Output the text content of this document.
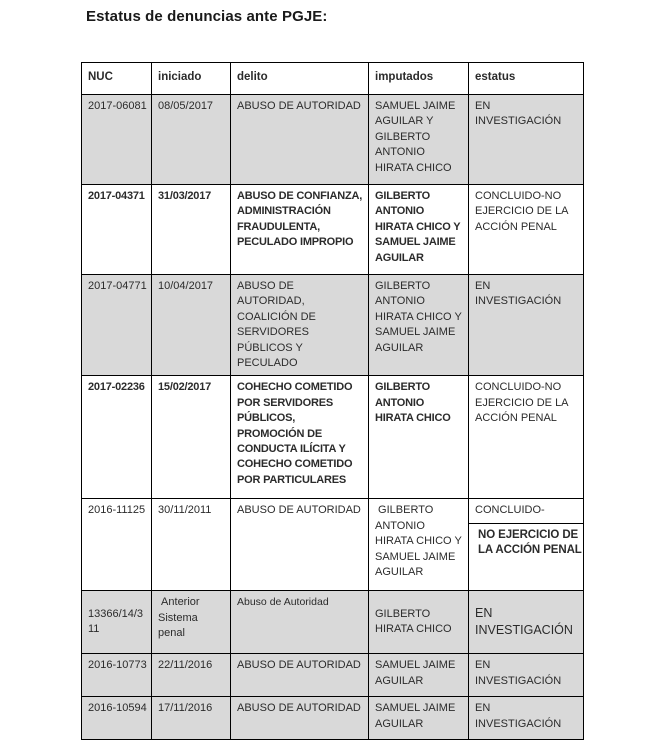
Estatus de denuncias ante PGJE:
NUC	iniciado	delito	imputados	estatus
2017-06081	08/05/2017	ABUSO DE AUTORIDAD	SAMUEL JAIME AGUILAR Y GILBERTO ANTONIO HIRATA CHICO	EN INVESTIGACIÓN
2017-04371	31/03/2017	ABUSO DE CONFIANZA, ADMINISTRACIÓN FRAUDULENTA, PECULADO IMPROPIO	GILBERTO ANTONIO HIRATA CHICO Y SAMUEL JAIME AGUILAR	CONCLUIDO-NO EJERCICIO DE LA ACCIÓN PENAL
2017-04771	10/04/2017	ABUSO DE AUTORIDAD, COALICIÓN DE SERVIDORES PÚBLICOS Y PECULADO	GILBERTO ANTONIO HIRATA CHICO Y SAMUEL JAIME AGUILAR	EN INVESTIGACIÓN
2017-02236	15/02/2017	COHECHO COMETIDO POR SERVIDORES PÚBLICOS, PROMOCIÓN DE CONDUCTA ILÍCITA Y COHECHO COMETIDO POR PARTICULARES	GILBERTO ANTONIO HIRATA CHICO	CONCLUIDO-NO EJERCICIO DE LA ACCIÓN PENAL
2016-11125	30/11/2011	ABUSO DE AUTORIDAD	GILBERTO ANTONIO HIRATA CHICO Y SAMUEL JAIME AGUILAR	CONCLUIDO-
NO EJERCICIO DE LA ACCIÓN PENAL

13366/14/311	Anterior Sistema penal	Abuso de Autoridad	GILBERTO HIRATA CHICO	EN INVESTIGACIÓN
2016-10773	22/11/2016	ABUSO DE AUTORIDAD	SAMUEL JAIME AGUILAR	EN INVESTIGACIÓN
2016-10594	17/11/2016	ABUSO DE AUTORIDAD	SAMUEL JAIME AGUILAR	EN INVESTIGACIÓN
